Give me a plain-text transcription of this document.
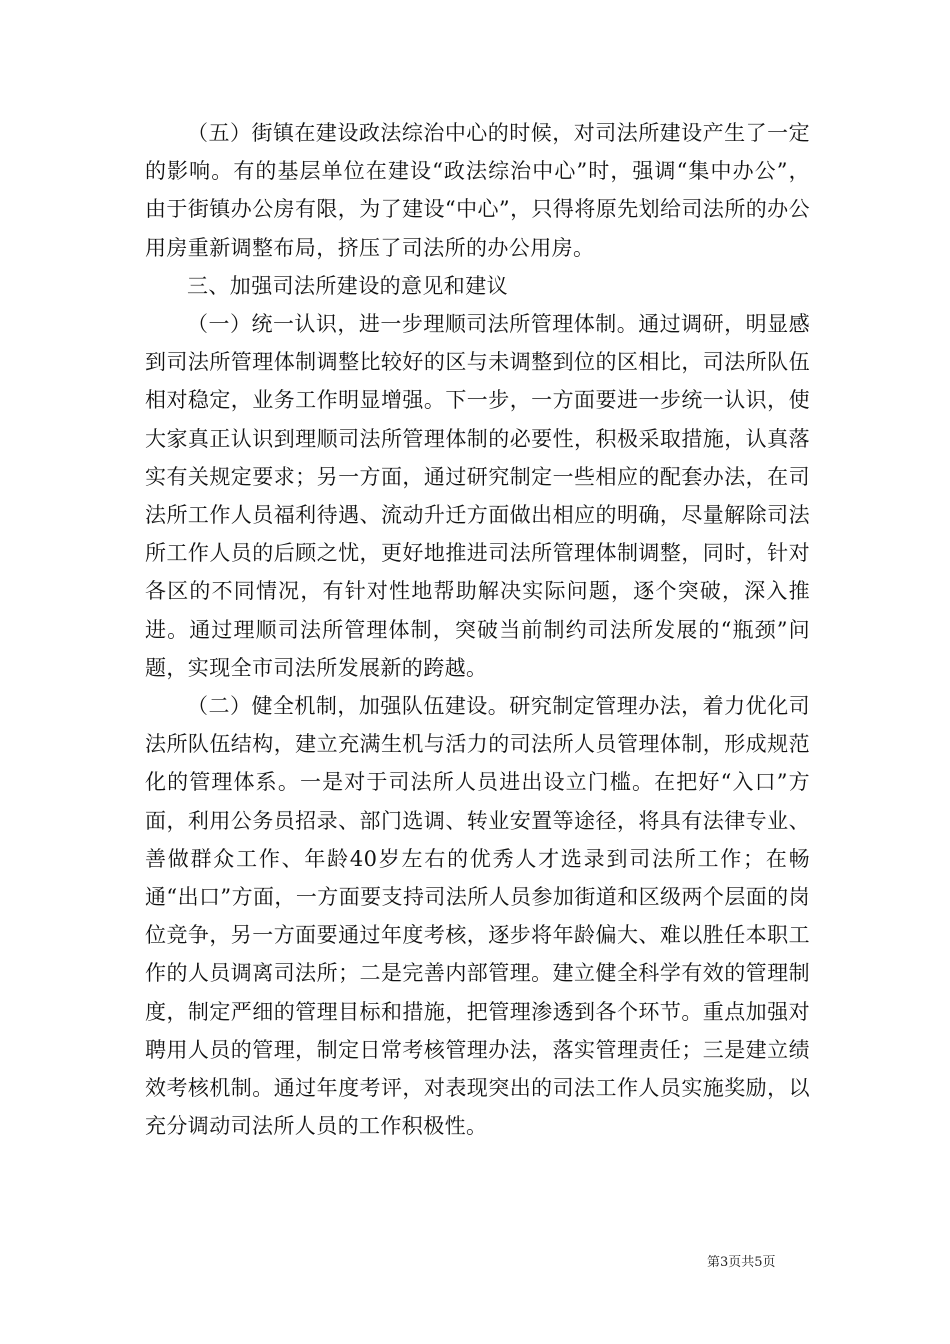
（五）街镇在建设政法综治中心的时候，对司法所建设产生了一定的影响。有的基层单位在建设“政法综治中心”时，强调“集中办公”，由于街镇办公房有限，为了建设“中心”，只得将原先划给司法所的办公用房重新调整布局，挤压了司法所的办公用房。

三、加强司法所建设的意见和建议

（一）统一认识，进一步理顺司法所管理体制。通过调研，明显感到司法所管理体制调整比较好的区与未调整到位的区相比，司法所队伍相对稳定，业务工作明显增强。下一步，一方面要进一步统一认识，使大家真正认识到理顺司法所管理体制的必要性，积极采取措施，认真落实有关规定要求；另一方面，通过研究制定一些相应的配套办法，在司法所工作人员福利待遇、流动升迁方面做出相应的明确，尽量解除司法所工作人员的后顾之忧，更好地推进司法所管理体制调整，同时，针对各区的不同情况，有针对性地帮助解决实际问题，逐个突破，深入推进。通过理顺司法所管理体制，突破当前制约司法所发展的“瓶颈”问题，实现全市司法所发展新的跨越。

（二）健全机制，加强队伍建设。研究制定管理办法，着力优化司法所队伍结构，建立充满生机与活力的司法所人员管理体制，形成规范化的管理体系。一是对于司法所人员进出设立门槛。在把好“入口”方面，利用公务员招录、部门选调、转业安置等途径，将具有法律专业、善做群众工作、年龄40岁左右的优秀人才选录到司法所工作；在畅通“出口”方面，一方面要支持司法所人员参加街道和区级两个层面的岗位竞争，另一方面要通过年度考核，逐步将年龄偏大、难以胜任本职工作的人员调离司法所；二是完善内部管理。建立健全科学有效的管理制度，制定严细的管理目标和措施，把管理渗透到各个环节。重点加强对聘用人员的管理，制定日常考核管理办法，落实管理责任；三是建立绩效考核机制。通过年度考评，对表现突出的司法工作人员实施奖励，以充分调动司法所人员的工作积极性。

第3页共5页
